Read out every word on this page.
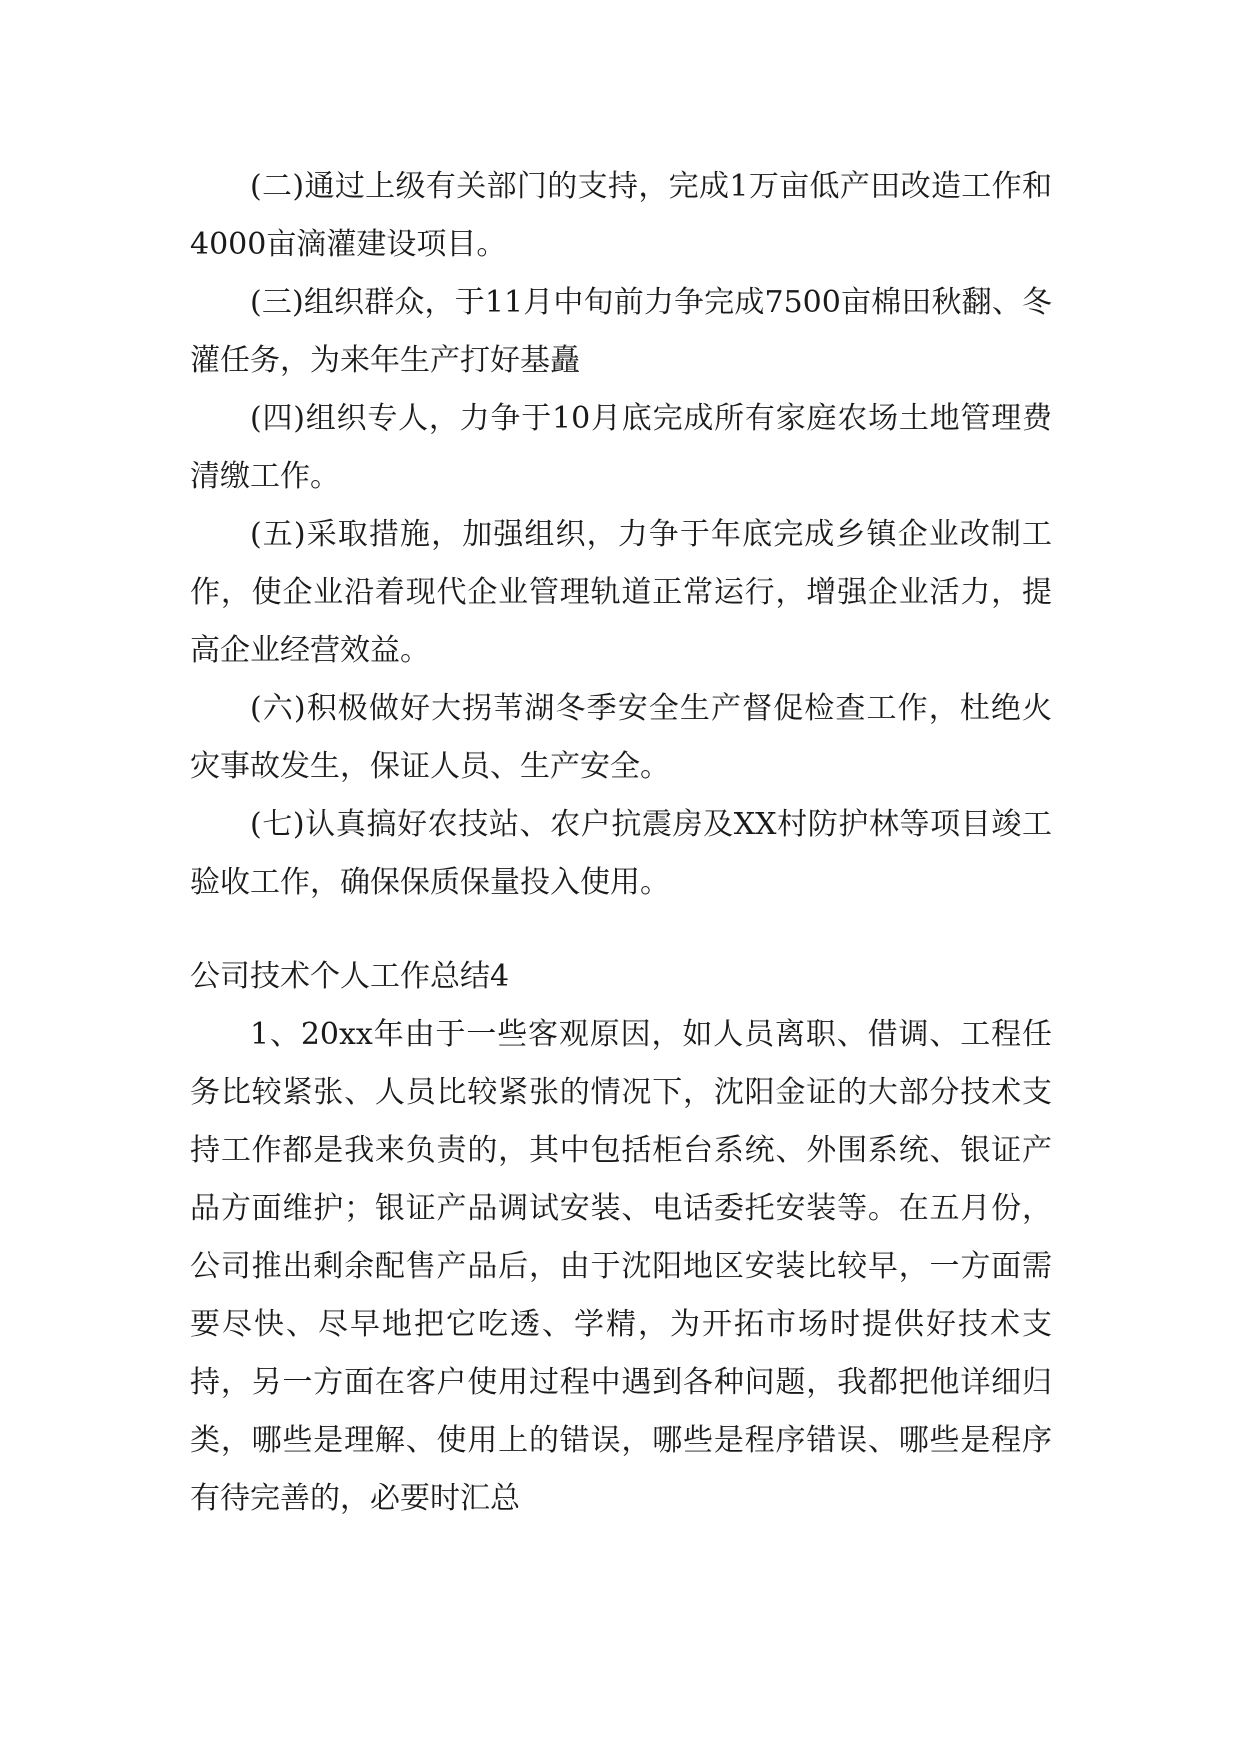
(二)通过上级有关部门的支持，完成1万亩低产田改造工作和4000亩滴灌建设项目。

(三)组织群众，于11月中旬前力争完成7500亩棉田秋翻、冬灌任务，为来年生产打好基矗

(四)组织专人，力争于10月底完成所有家庭农场土地管理费清缴工作。

(五)采取措施，加强组织，力争于年底完成乡镇企业改制工作，使企业沿着现代企业管理轨道正常运行，增强企业活力，提高企业经营效益。

(六)积极做好大拐苇湖冬季安全生产督促检查工作，杜绝火灾事故发生，保证人员、生产安全。

(七)认真搞好农技站、农户抗震房及XX村防护林等项目竣工验收工作，确保保质保量投入使用。

公司技术个人工作总结4

1、20xx年由于一些客观原因，如人员离职、借调、工程任务比较紧张、人员比较紧张的情况下，沈阳金证的大部分技术支持工作都是我来负责的，其中包括柜台系统、外围系统、银证产品方面维护；银证产品调试安装、电话委托安装等。在五月份，公司推出剩余配售产品后，由于沈阳地区安装比较早，一方面需要尽快、尽早地把它吃透、学精，为开拓市场时提供好技术支持，另一方面在客户使用过程中遇到各种问题，我都把他详细归类，哪些是理解、使用上的错误，哪些是程序错误、哪些是程序有待完善的，必要时汇总
